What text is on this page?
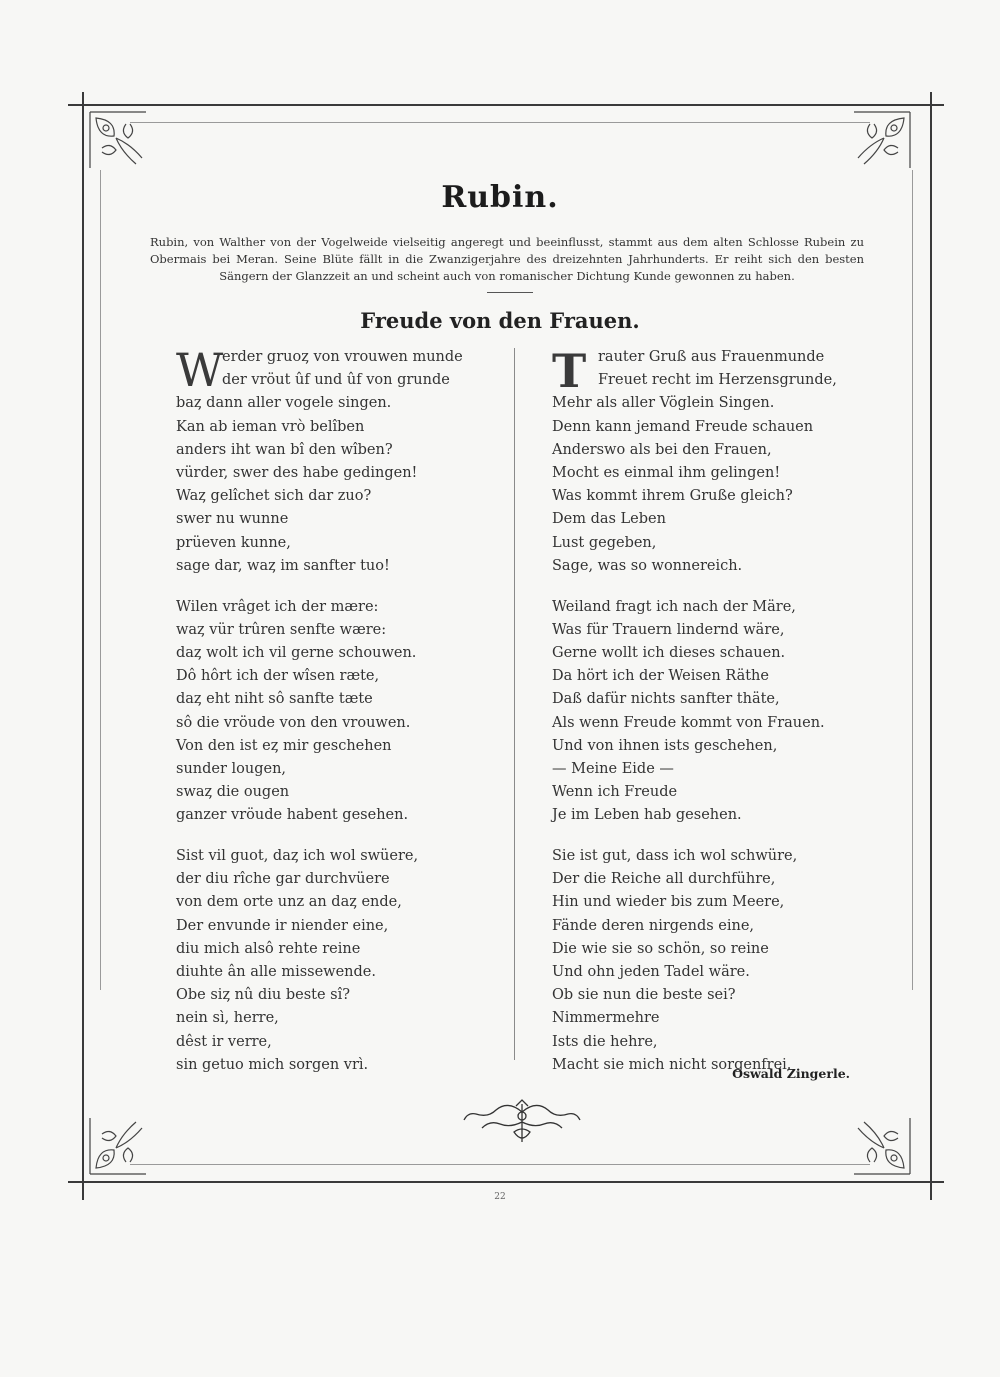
Rubin.
Rubin, von Walther von der Vogelweide vielseitig angeregt und beeinflusst, stammt aus dem alten Schlosse Rubein zu Obermais bei Meran. Seine Blüte fällt in die Zwanzigerjahre des dreizehnten Jahrhunderts. Er reiht sich den besten Sängern der Glanzzeit an und scheint auch von romanischer Dichtung Kunde gewonnen zu haben.
Freude von den Frauen.
W
erder gruoȥ von vrouwen munde
der vröut ûf und ûf von grunde
baȥ dann aller vogele singen.
Kan ab ieman vrò belîben
anders iht wan bî den wîben?
vürder, swer des habe gedingen!
Waȥ gelîchet sich dar zuo?
swer nu wunne
prüeven kunne,
sage dar, waȥ im sanfter tuo!
Wilen vrâget ich der mære:
waȥ vür trûren senfte wære:
daȥ wolt ich vil gerne schouwen.
Dô hôrt ich der wîsen ræte,
daȥ eht niht sô sanfte tæte
sô die vröude von den vrouwen.
Von den ist eȥ mir geschehen
sunder lougen,
swaȥ die ougen
ganzer vröude habent gesehen.
Sist vil guot, daȥ ich wol swüere,
der diu rîche gar durchvüere
von dem orte unz an daȥ ende,
Der envunde ir niender eine,
diu mich alsô rehte reine
diuhte ân alle missewende.
Obe siȥ nû diu beste sî?
nein sì, herre,
dêst ir verre,
sin getuo mich sorgen vrì.
T rauter Gruß aus Frauenmunde
Freuet recht im Herzensgrunde,
Mehr als aller Vöglein Singen.
Denn kann jemand Freude schauen
Anderswo als bei den Frauen,
Mocht es einmal ihm gelingen!
Was kommt ihrem Gruße gleich?
Dem das Leben
Lust gegeben,
Sage, was so wonnereich.
Weiland fragt ich nach der Märe,
Was für Trauern lindernd wäre,
Gerne wollt ich dieses schauen.
Da hört ich der Weisen Räthe
Daß dafür nichts sanfter thäte,
Als wenn Freude kommt von Frauen.
Und von ihnen ists geschehen,
— Meine Eide —
Wenn ich Freude
Je im Leben hab gesehen.
Sie ist gut, dass ich wol schwüre,
Der die Reiche all durchführe,
Hin und wieder bis zum Meere,
Fände deren nirgends eine,
Die wie sie so schön, so reine
Und ohn jeden Tadel wäre.
Ob sie nun die beste sei?
Nimmermehre
Ists die hehre,
Macht sie mich nicht sorgenfrei.
Oswald Zingerle.
22
